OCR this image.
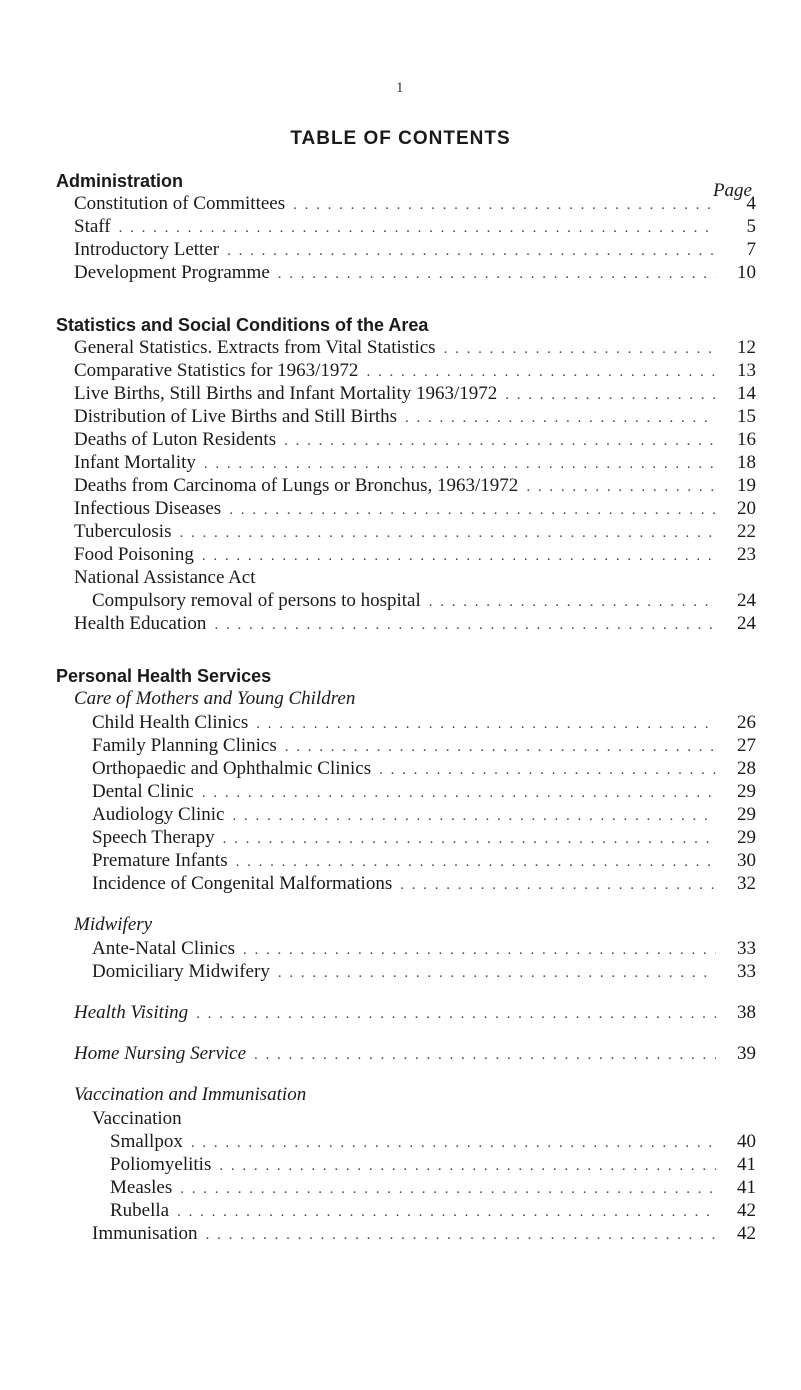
1
TABLE OF CONTENTS
Administration	Page
Constitution of Committees . . .	4
Staff . . .	5
Introductory Letter . . .	7
Development Programme . . .	10
Statistics and Social Conditions of the Area
General Statistics. Extracts from Vital Statistics . . .	12
Comparative Statistics for 1963/1972 . . .	13
Live Births, Still Births and Infant Mortality 1963/1972 . . .	14
Distribution of Live Births and Still Births . . .	15
Deaths of Luton Residents . . .	16
Infant Mortality . . .	18
Deaths from Carcinoma of Lungs or Bronchus, 1963/1972 . . .	19
Infectious Diseases . . .	20
Tuberculosis . . .	22
Food Poisoning . . .	23
National Assistance Act
Compulsory removal of persons to hospital . . .	24
Health Education . . .	24
Personal Health Services
Care of Mothers and Young Children
Child Health Clinics . . .	26
Family Planning Clinics . . .	27
Orthopaedic and Ophthalmic Clinics . . .	28
Dental Clinic . . .	29
Audiology Clinic . . .	29
Speech Therapy . . .	29
Premature Infants . . .	30
Incidence of Congenital Malformations . . .	32
Midwifery
Ante-Natal Clinics . . .	33
Domiciliary Midwifery . . .	33
Health Visiting . . .	38
Home Nursing Service . . .	39
Vaccination and Immunisation
Vaccination
Smallpox . . .	40
Poliomyelitis . . .	41
Measles . . .	41
Rubella . . .	42
Immunisation . . .	42
